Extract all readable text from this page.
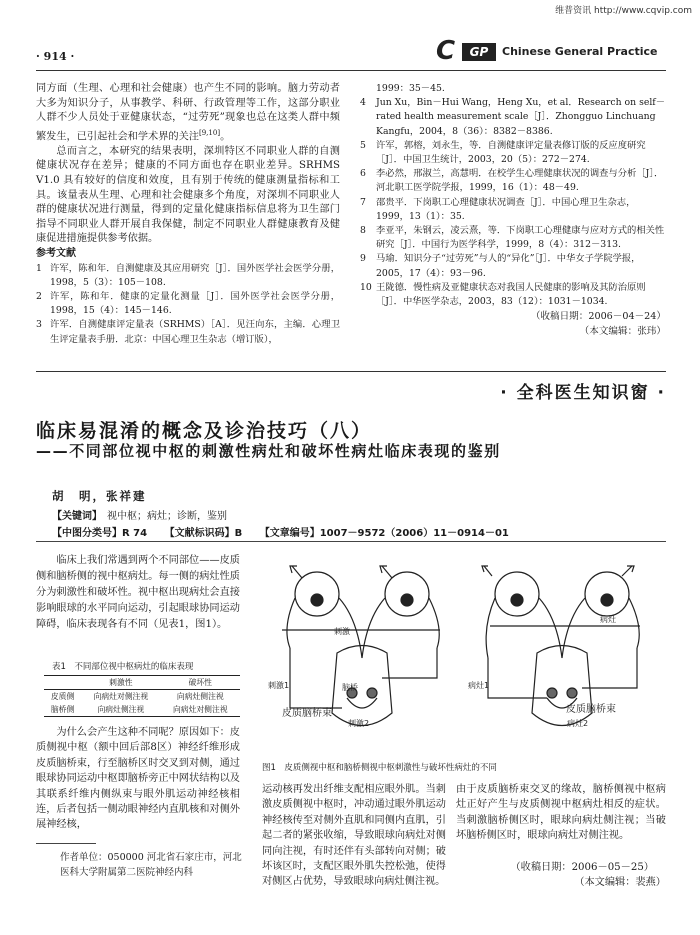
维普资讯 http://www.cqvip.com
· 914 ·	C	GP	Chinese General Practice

同方面（生理、心理和社会健康）也产生不同的影响。脑力劳动者大多为知识分子，从事教学、科研、行政管理等工作，这部分职业人群不少人员处于亚健康状态，“过劳死”现象也总在这类人群中频繁发生，已引起社会和学术界的关注[9,10]。

总而言之，本研究的结果表明，深圳特区不同职业人群的自测健康状况存在差异；健康的不同方面也存在职业差异。SRHMS V1.0 具有较好的信度和效度，且有别于传统的健康测量指标和工具。该量表从生理、心理和社会健康多个角度，对深圳不同职业人群的健康状况进行测量，得到的定量化健康指标信息将为卫生部门指导不同职业人群开展自我保健，制定不同职业人群健康教育及健康促进措施提供参考依据。

参考文献
1 许军，陈和年．自测健康及其应用研究［J］．国外医学社会医学分册，1998，5（3）：105－108.
2 许军，陈和年．健康的定量化测量［J］．国外医学社会医学分册，1998，15（4）：145－146.
3 许军．自测健康评定量表（SRHMS）［A］．见汪向东，主编．心理卫生评定量表手册．北京：中国心理卫生杂志（增订版），
1999：35－45.
4	Jun Xu，Bin－Hui Wang，Heng Xu，et al．Research on self－rated health measurement scale［J］．Zhongguo Linchuang Kangfu，2004，8（36）：8382－8386.
5	许军，郭榕，刘永生，等．自测健康评定量表修订版的反应度研究［J］．中国卫生统计，2003，20（5）：272－274.
6	李必然，邢淑兰，高慧明．在校学生心理健康状况的调查与分析［J］．河北职工医学院学报，1999，16（1）：48－49.
7	邵贵平．下岗职工心理健康状况调查［J］．中国心理卫生杂志，1999，13（1）：35.
8	李亚平，朱钢云，凌云熹，等．下岗职工心理健康与应对方式的相关性研究［J］．中国行为医学科学，1999，8（4）：312－313.
9	马瑜．知识分子“过劳死”与人的“异化”［J］．中华女子学院学报，2005，17（4）：93－96.
10 王陇德．慢性病及亚健康状态对我国人民健康的影响及其防治原则［J］．中华医学杂志，2003，83（12）：1031－1034.
（收稿日期：2006－04－24）
（本文编辑：张玮）
· 全科医生知识窗 ·
临床易混淆的概念及诊治技巧（八）
——不同部位视中枢的刺激性病灶和破坏性病灶临床表现的鉴别
胡　明，张祥建
【关键词】　视中枢；病灶；诊断，鉴别
【中图分类号】R 74 【文献标识码】B 【文章编号】1007－9572（2006）11－0914－01

临床上我们常遇到两个不同部位——皮质侧和脑桥侧的视中枢病灶。每一侧的病灶性质分为刺激性和破坏性。视中枢出现病灶会直接影响眼球的水平同向运动，引起眼球协同运动障碍，临床表现各有不同（见表1，图1）。

表1　不同部位视中枢病灶的临床表现
	刺激性	破坏性
皮质侧	向病灶对侧注视	向病灶侧注视
脑桥侧	向病灶侧注视	向病灶对侧注视

为什么会产生这种不同呢？原因如下：皮质侧视中枢（额中回后部8区）神经纤维形成皮质脑桥束，行至脑桥区时交叉到对侧，通过眼球协同运动中枢即脑桥旁正中网状结构以及其联系纤维内侧纵束与眼外肌运动神经核相连，后者包括一侧动眼神经内直肌核和对侧外展神经核，

刺激
刺激1
刺激2
脑桥
皮质脑桥束
病灶
病灶1
病灶2
皮质脑桥束
图1　皮质侧视中枢和脑桥侧视中枢刺激性与破坏性病灶的不同

运动核再发出纤维支配相应眼外肌。当刺激皮质侧视中枢时，冲动通过眼外肌运动神经核传至对侧外直肌和同侧内直肌，引起二者的紧张收缩，导致眼球向病灶对侧同向注视，有时还伴有头部转向对侧；破坏该区时，支配区眼外肌失控松弛，使得对侧区占优势，导致眼球向病灶侧注视。

由于皮质脑桥束交叉的缘故，脑桥侧视中枢病灶正好产生与皮质侧视中枢病灶相反的症状。当刺激脑桥侧区时，眼球向病灶侧注视；当破坏脑桥侧区时，眼球向病灶对侧注视。

（收稿日期：2006－05－25）
（本文编辑：裴燕）
作者单位：050000 河北省石家庄市，河北医科大学附属第二医院神经内科
